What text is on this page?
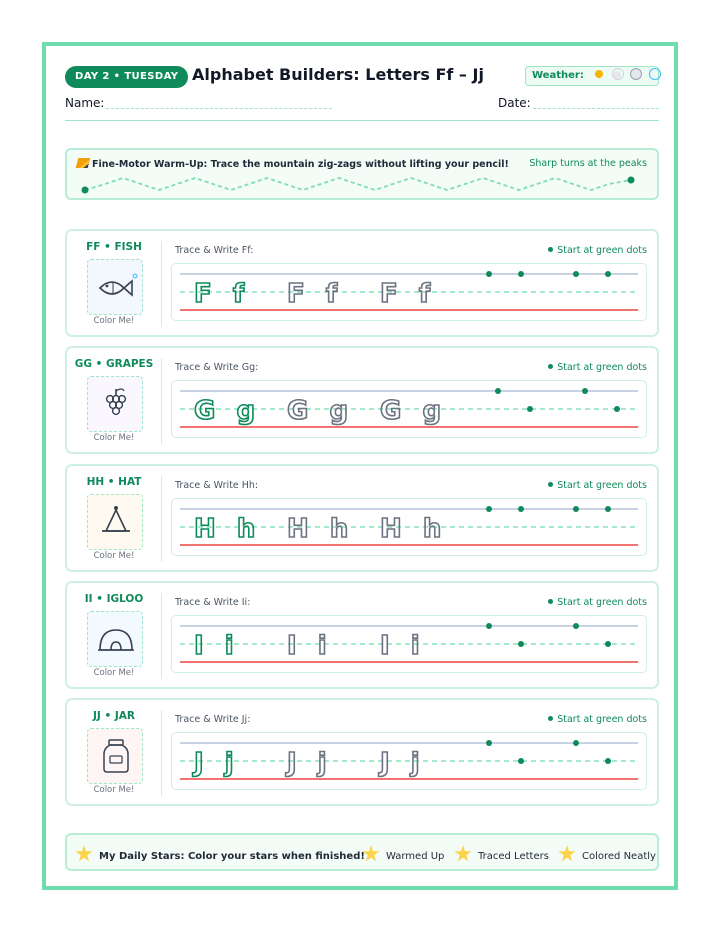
DAY 2 • TUESDAY Alphabet Builders: Letters Ff – Jj	Weather:
Name:	Date:
Fine-Motor Warm-Up: Trace the mountain zig-zags without lifting your pencil! Sharp turns at the peaks
FF • FISH
Color Me!
Trace & Write Ff:	Start at green dots
F f F f F f
GG • GRAPES
Color Me!
Trace & Write Gg:	Start at green dots
G g G g G g
HH • HAT
Color Me!
Trace & Write Hh:	Start at green dots
H h H h H h
II • IGLOO
Color Me!
Trace & Write Ii:	Start at green dots
I i I i I i
JJ • JAR
Color Me!
Trace & Write Jj:	Start at green dots
J j J j J j
My Daily Stars: Color your stars when finished!	Warmed Up	Traced Letters	Colored Neatly
